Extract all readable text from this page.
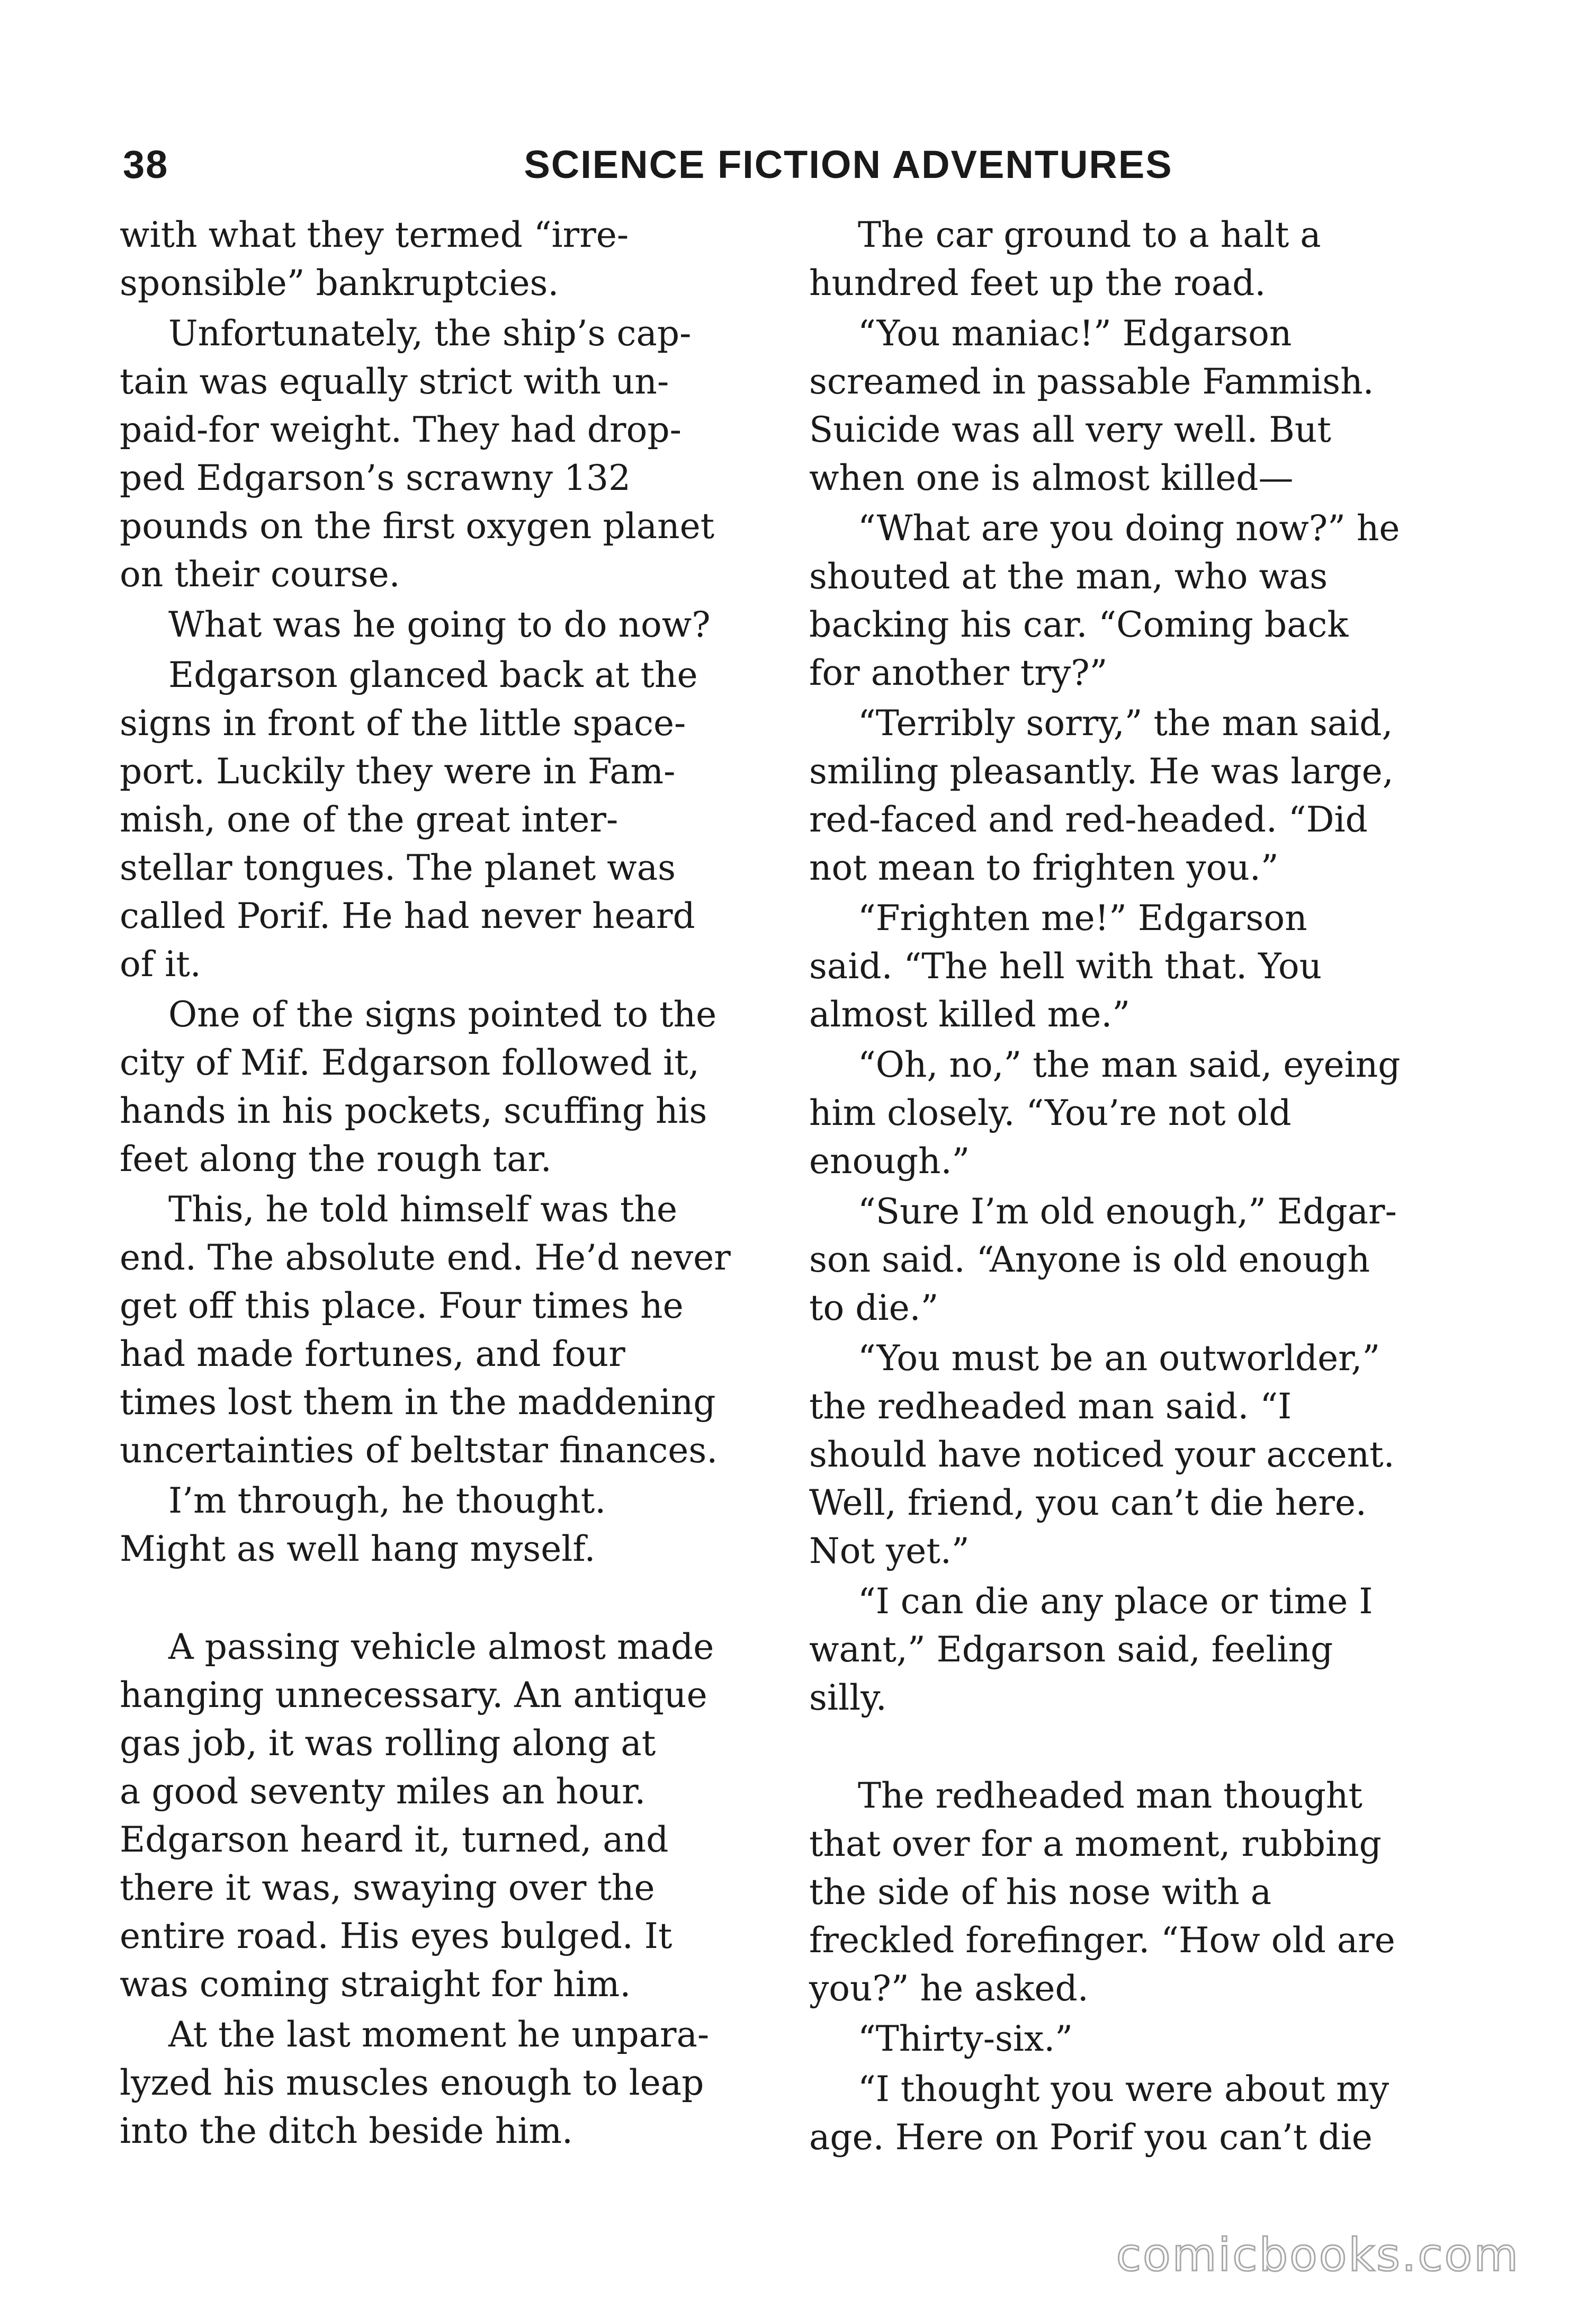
38	SCIENCE FICTION ADVENTURES

with what they termed “irre-
sponsible” bankruptcies.

Unfortunately, the ship’s cap-
tain was equally strict with un-
paid-for weight. They had drop-
ped Edgarson’s scrawny 132
pounds on the first oxygen planet
on their course.

What was he going to do now?

Edgarson glanced back at the
signs in front of the little space-
port. Luckily they were in Fam-
mish, one of the great inter-
stellar tongues. The planet was
called Porif. He had never heard
of it.

One of the signs pointed to the
city of Mif. Edgarson followed it,
hands in his pockets, scuffing his
feet along the rough tar.

This, he told himself was the
end. The absolute end. He’d never
get off this place. Four times he
had made fortunes, and four
times lost them in the maddening
uncertainties of beltstar finances.

I’m through, he thought.
Might as well hang myself.

A passing vehicle almost made
hanging unnecessary. An antique
gas job, it was rolling along at
a good seventy miles an hour.
Edgarson heard it, turned, and
there it was, swaying over the
entire road. His eyes bulged. It
was coming straight for him.

At the last moment he unpara-
lyzed his muscles enough to leap
into the ditch beside him.

The car ground to a halt a
hundred feet up the road.

“You maniac!” Edgarson
screamed in passable Fammish.
Suicide was all very well. But
when one is almost killed—

“What are you doing now?” he
shouted at the man, who was
backing his car. “Coming back
for another try?”

“Terribly sorry,” the man said,
smiling pleasantly. He was large,
red-faced and red-headed. “Did
not mean to frighten you.”

“Frighten me!” Edgarson
said. “The hell with that. You
almost killed me.”

“Oh, no,” the man said, eyeing
him closely. “You’re not old
enough.”

“Sure I’m old enough,” Edgar-
son said. “Anyone is old enough
to die.”

“You must be an outworlder,”
the redheaded man said. “I
should have noticed your accent.
Well, friend, you can’t die here.
Not yet.”

“I can die any place or time I
want,” Edgarson said, feeling
silly.

The redheaded man thought
that over for a moment, rubbing
the side of his nose with a
freckled forefinger. “How old are
you?” he asked.

“Thirty-six.”

“I thought you were about my
age. Here on Porif you can’t die

comicbooks.com
